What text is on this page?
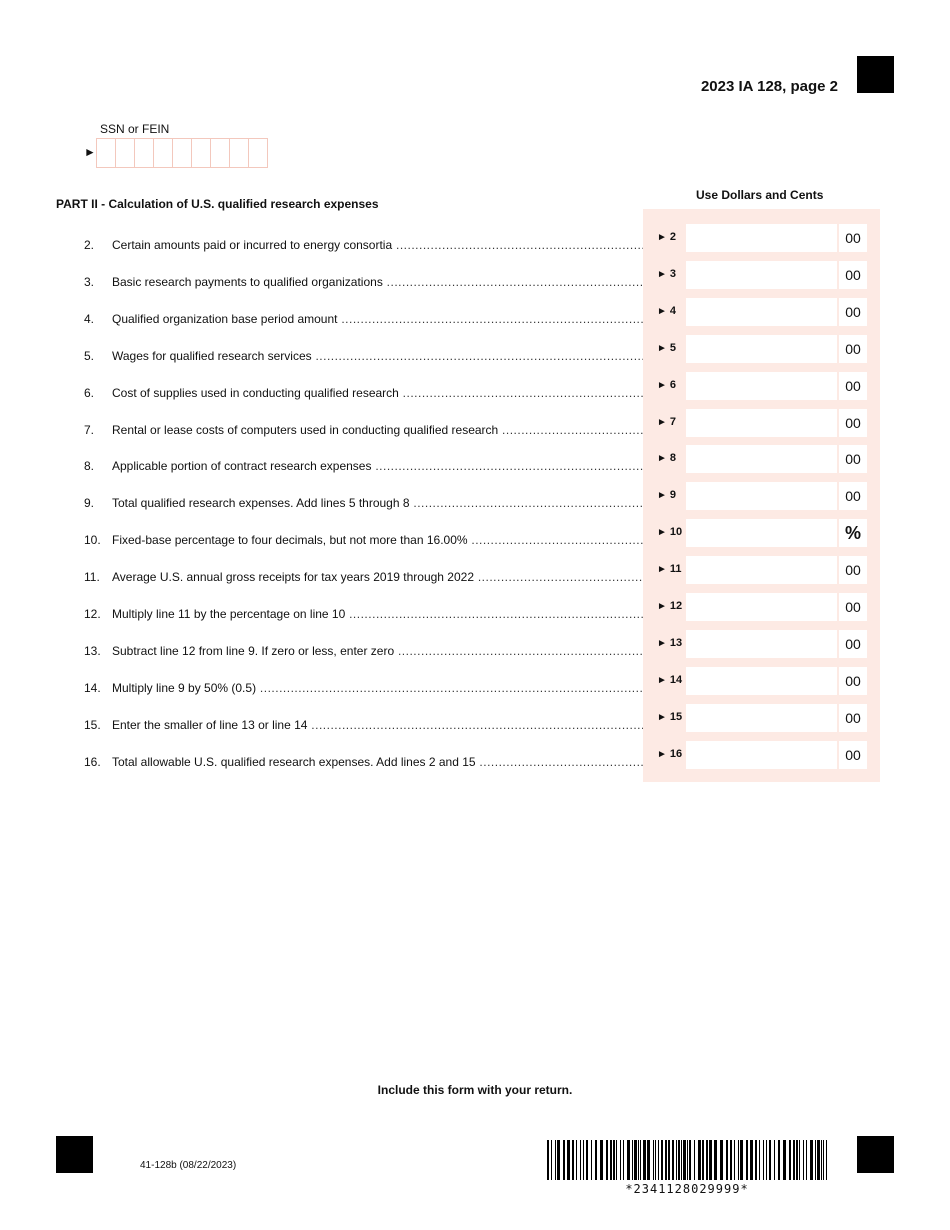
2023 IA 128, page 2
SSN or FEIN
►
PART II - Calculation of U.S. qualified research expenses
Use Dollars and Cents
2.	Certain amounts paid or incurred to energy consortia .....
► 2	00
3.	Basic research payments to qualified organizations .....
► 3	00
4.	Qualified organization base period amount .....
► 4	00
5.	Wages for qualified research services .....
► 5	00
6.	Cost of supplies used in conducting qualified research .....
► 6	00
7.	Rental or lease costs of computers used in conducting qualified research .....
► 7	00
8.	Applicable portion of contract research expenses .....
► 8	00
9.	Total qualified research expenses. Add lines 5 through 8 .....
► 9	00
10. Fixed-base percentage to four decimals, but not more than 16.00% .....
► 10	%
11.	Average U.S. annual gross receipts for tax years 2019 through 2022 .....
► 11	00
12. Multiply line 11 by the percentage on line 10 .....
► 12	00
13. Subtract line 12 from line 9. If zero or less, enter zero .....
► 13	00
14. Multiply line 9 by 50% (0.5) .....
► 14	00
15. Enter the smaller of line 13 or line 14 .....
► 15	00
16. Total allowable U.S. qualified research expenses. Add lines 2 and 15 .....
► 16	00
Include this form with your return.
41-128b (08/22/2023)
*2341128029999*
